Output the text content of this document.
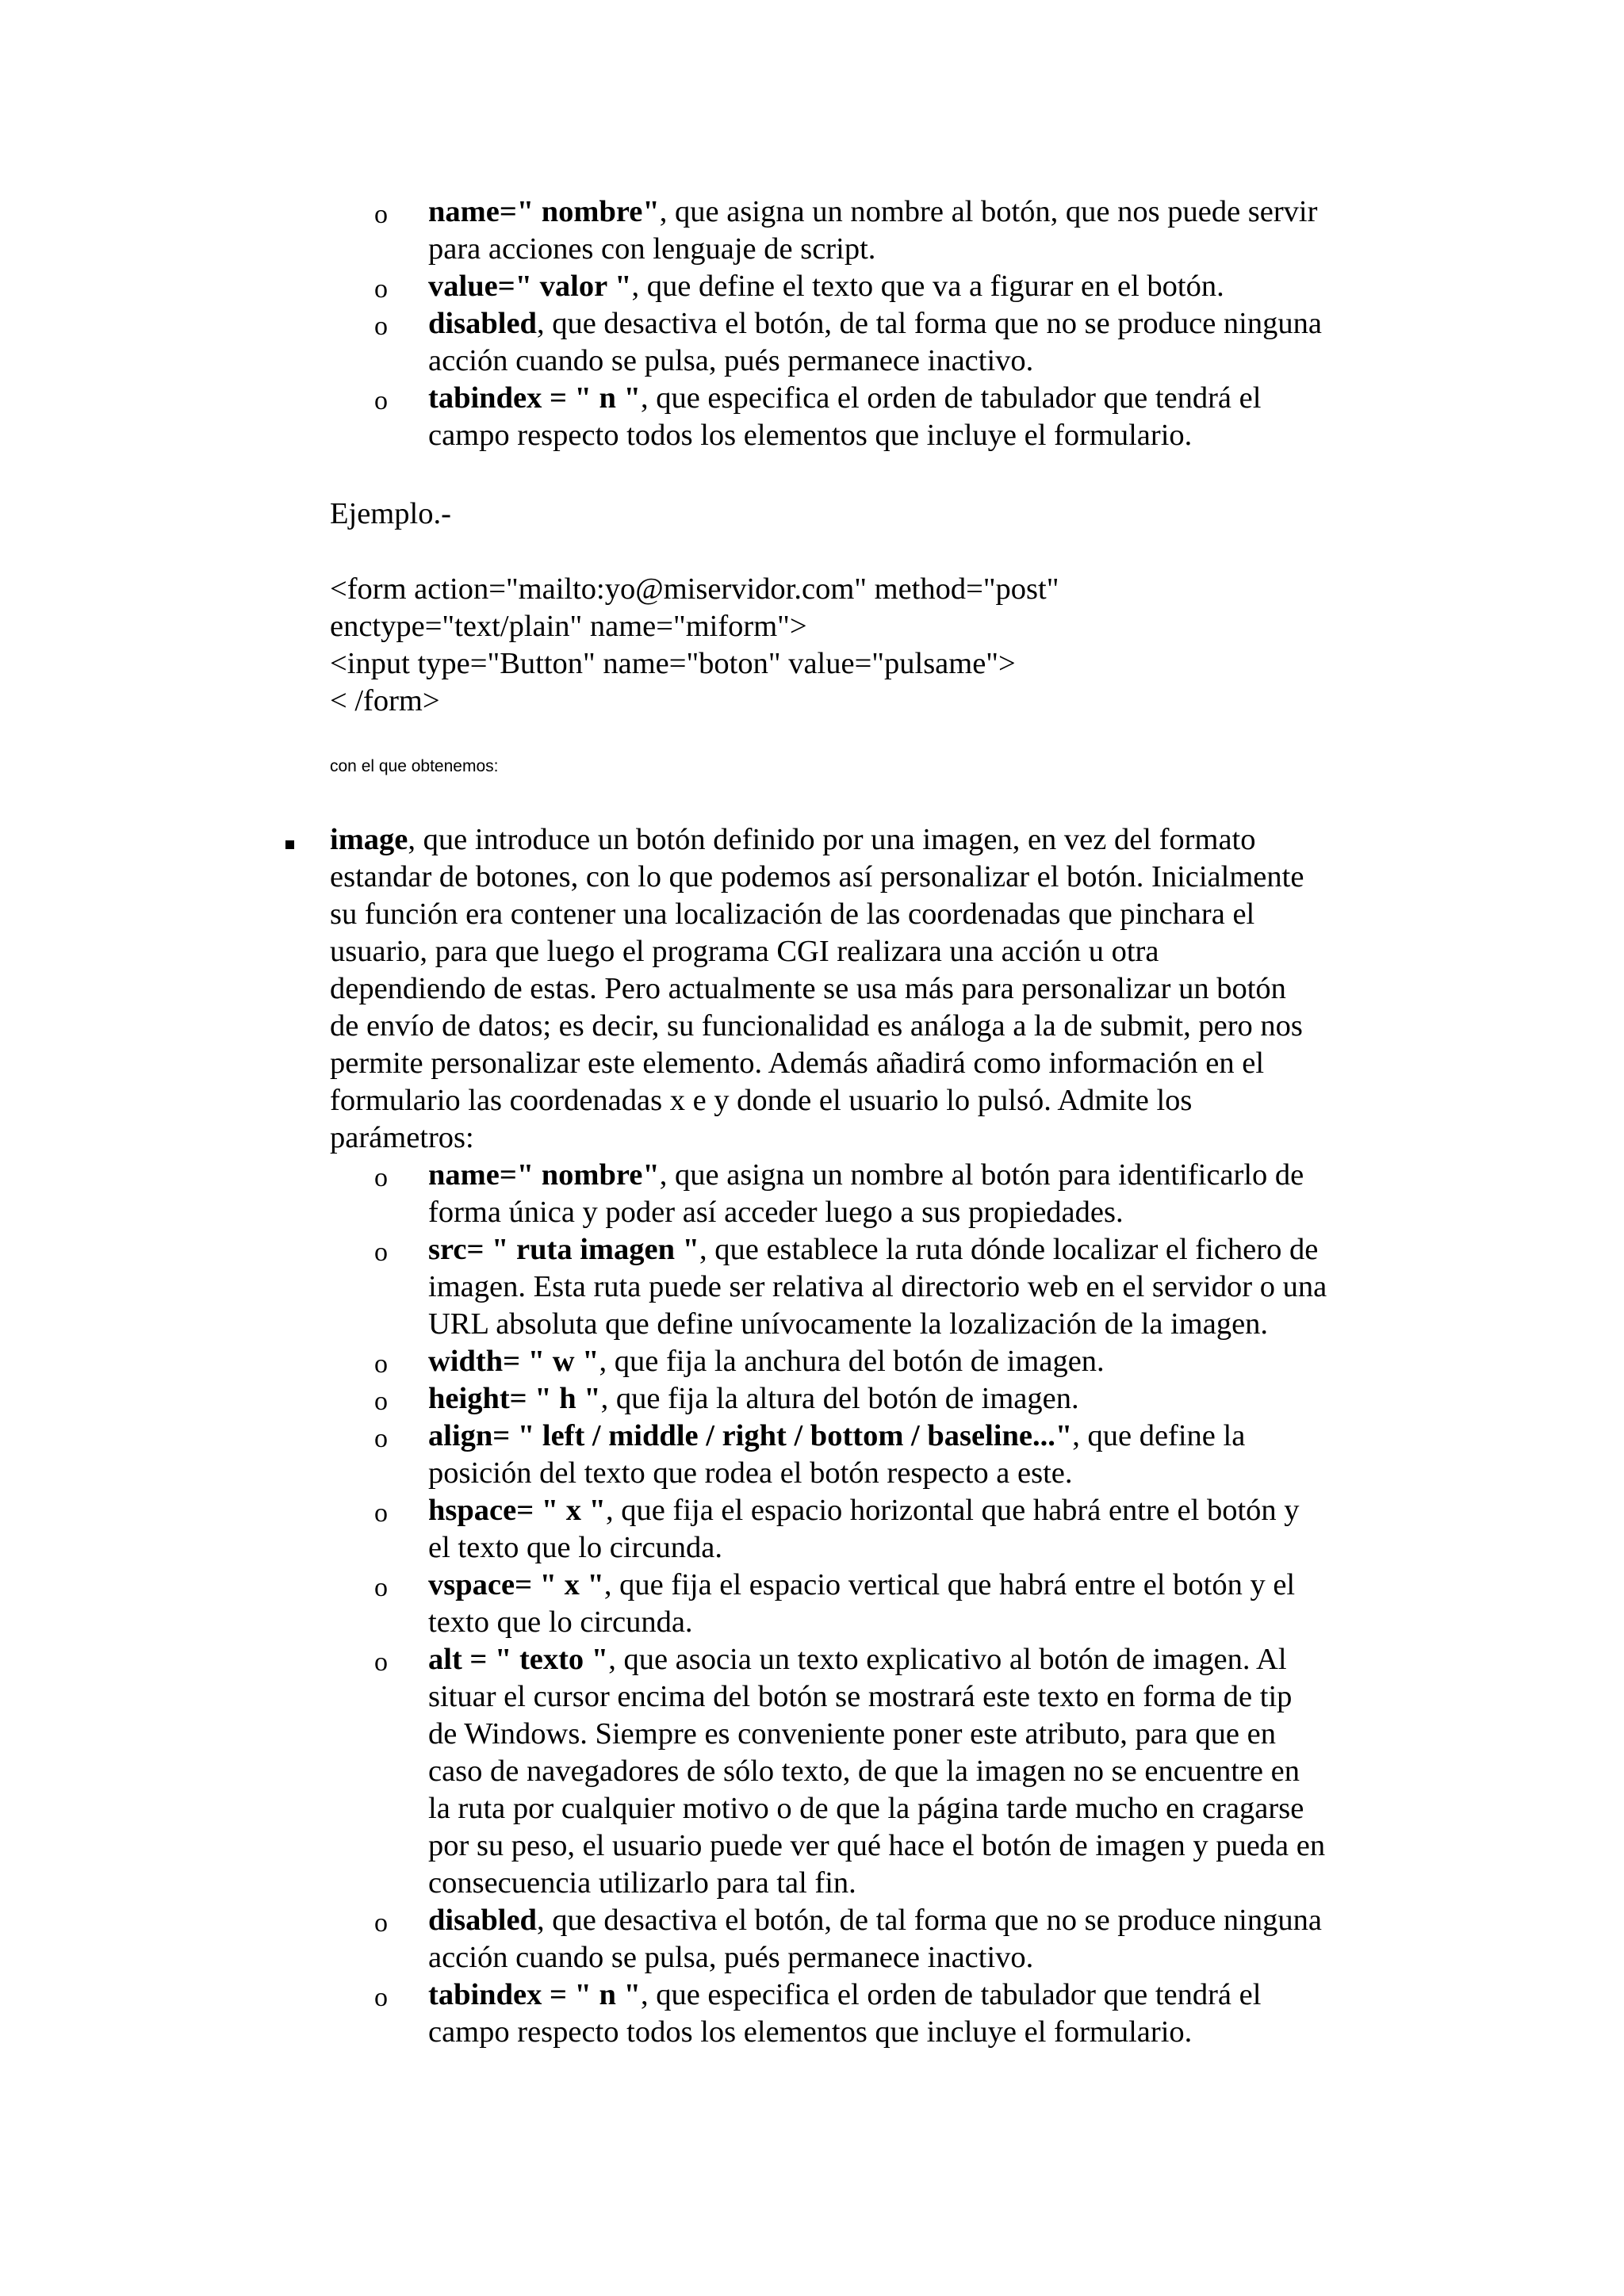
o name=" nombre", que asigna un nombre al botón, que nos puede servir
para acciones con lenguaje de script.
o value=" valor ", que define el texto que va a figurar en el botón.
o disabled, que desactiva el botón, de tal forma que no se produce ninguna
acción cuando se pulsa, pués permanece inactivo.
o tabindex = " n ", que especifica el orden de tabulador que tendrá el
campo respecto todos los elementos que incluye el formulario.
Ejemplo.-
<form action="mailto:yo@miservidor.com" method="post"
enctype="text/plain" name="miform">
<input type="Button" name="boton" value="pulsame">
< /form>
con el que obtenemos:
image, que introduce un botón definido por una imagen, en vez del formato
estandar de botones, con lo que podemos así personalizar el botón. Inicialmente
su función era contener una localización de las coordenadas que pinchara el
usuario, para que luego el programa CGI realizara una acción u otra
dependiendo de estas. Pero actualmente se usa más para personalizar un botón
de envío de datos; es decir, su funcionalidad es análoga a la de submit, pero nos
permite personalizar este elemento. Además añadirá como información en el
formulario las coordenadas x e y donde el usuario lo pulsó. Admite los
parámetros:
o name=" nombre", que asigna un nombre al botón para identificarlo de
forma única y poder así acceder luego a sus propiedades.
o src= " ruta imagen ", que establece la ruta dónde localizar el fichero de
imagen. Esta ruta puede ser relativa al directorio web en el servidor o una
URL absoluta que define unívocamente la lozalización de la imagen.
o width= " w ", que fija la anchura del botón de imagen.
o height= " h ", que fija la altura del botón de imagen.
o align= " left / middle / right / bottom / baseline...", que define la
posición del texto que rodea el botón respecto a este.
o hspace= " x ", que fija el espacio horizontal que habrá entre el botón y
el texto que lo circunda.
o vspace= " x ", que fija el espacio vertical que habrá entre el botón y el
texto que lo circunda.
o alt = " texto ", que asocia un texto explicativo al botón de imagen. Al
situar el cursor encima del botón se mostrará este texto en forma de tip
de Windows. Siempre es conveniente poner este atributo, para que en
caso de navegadores de sólo texto, de que la imagen no se encuentre en
la ruta por cualquier motivo o de que la página tarde mucho en cragarse
por su peso, el usuario puede ver qué hace el botón de imagen y pueda en
consecuencia utilizarlo para tal fin.
o disabled, que desactiva el botón, de tal forma que no se produce ninguna
acción cuando se pulsa, pués permanece inactivo.
o tabindex = " n ", que especifica el orden de tabulador que tendrá el
campo respecto todos los elementos que incluye el formulario.
